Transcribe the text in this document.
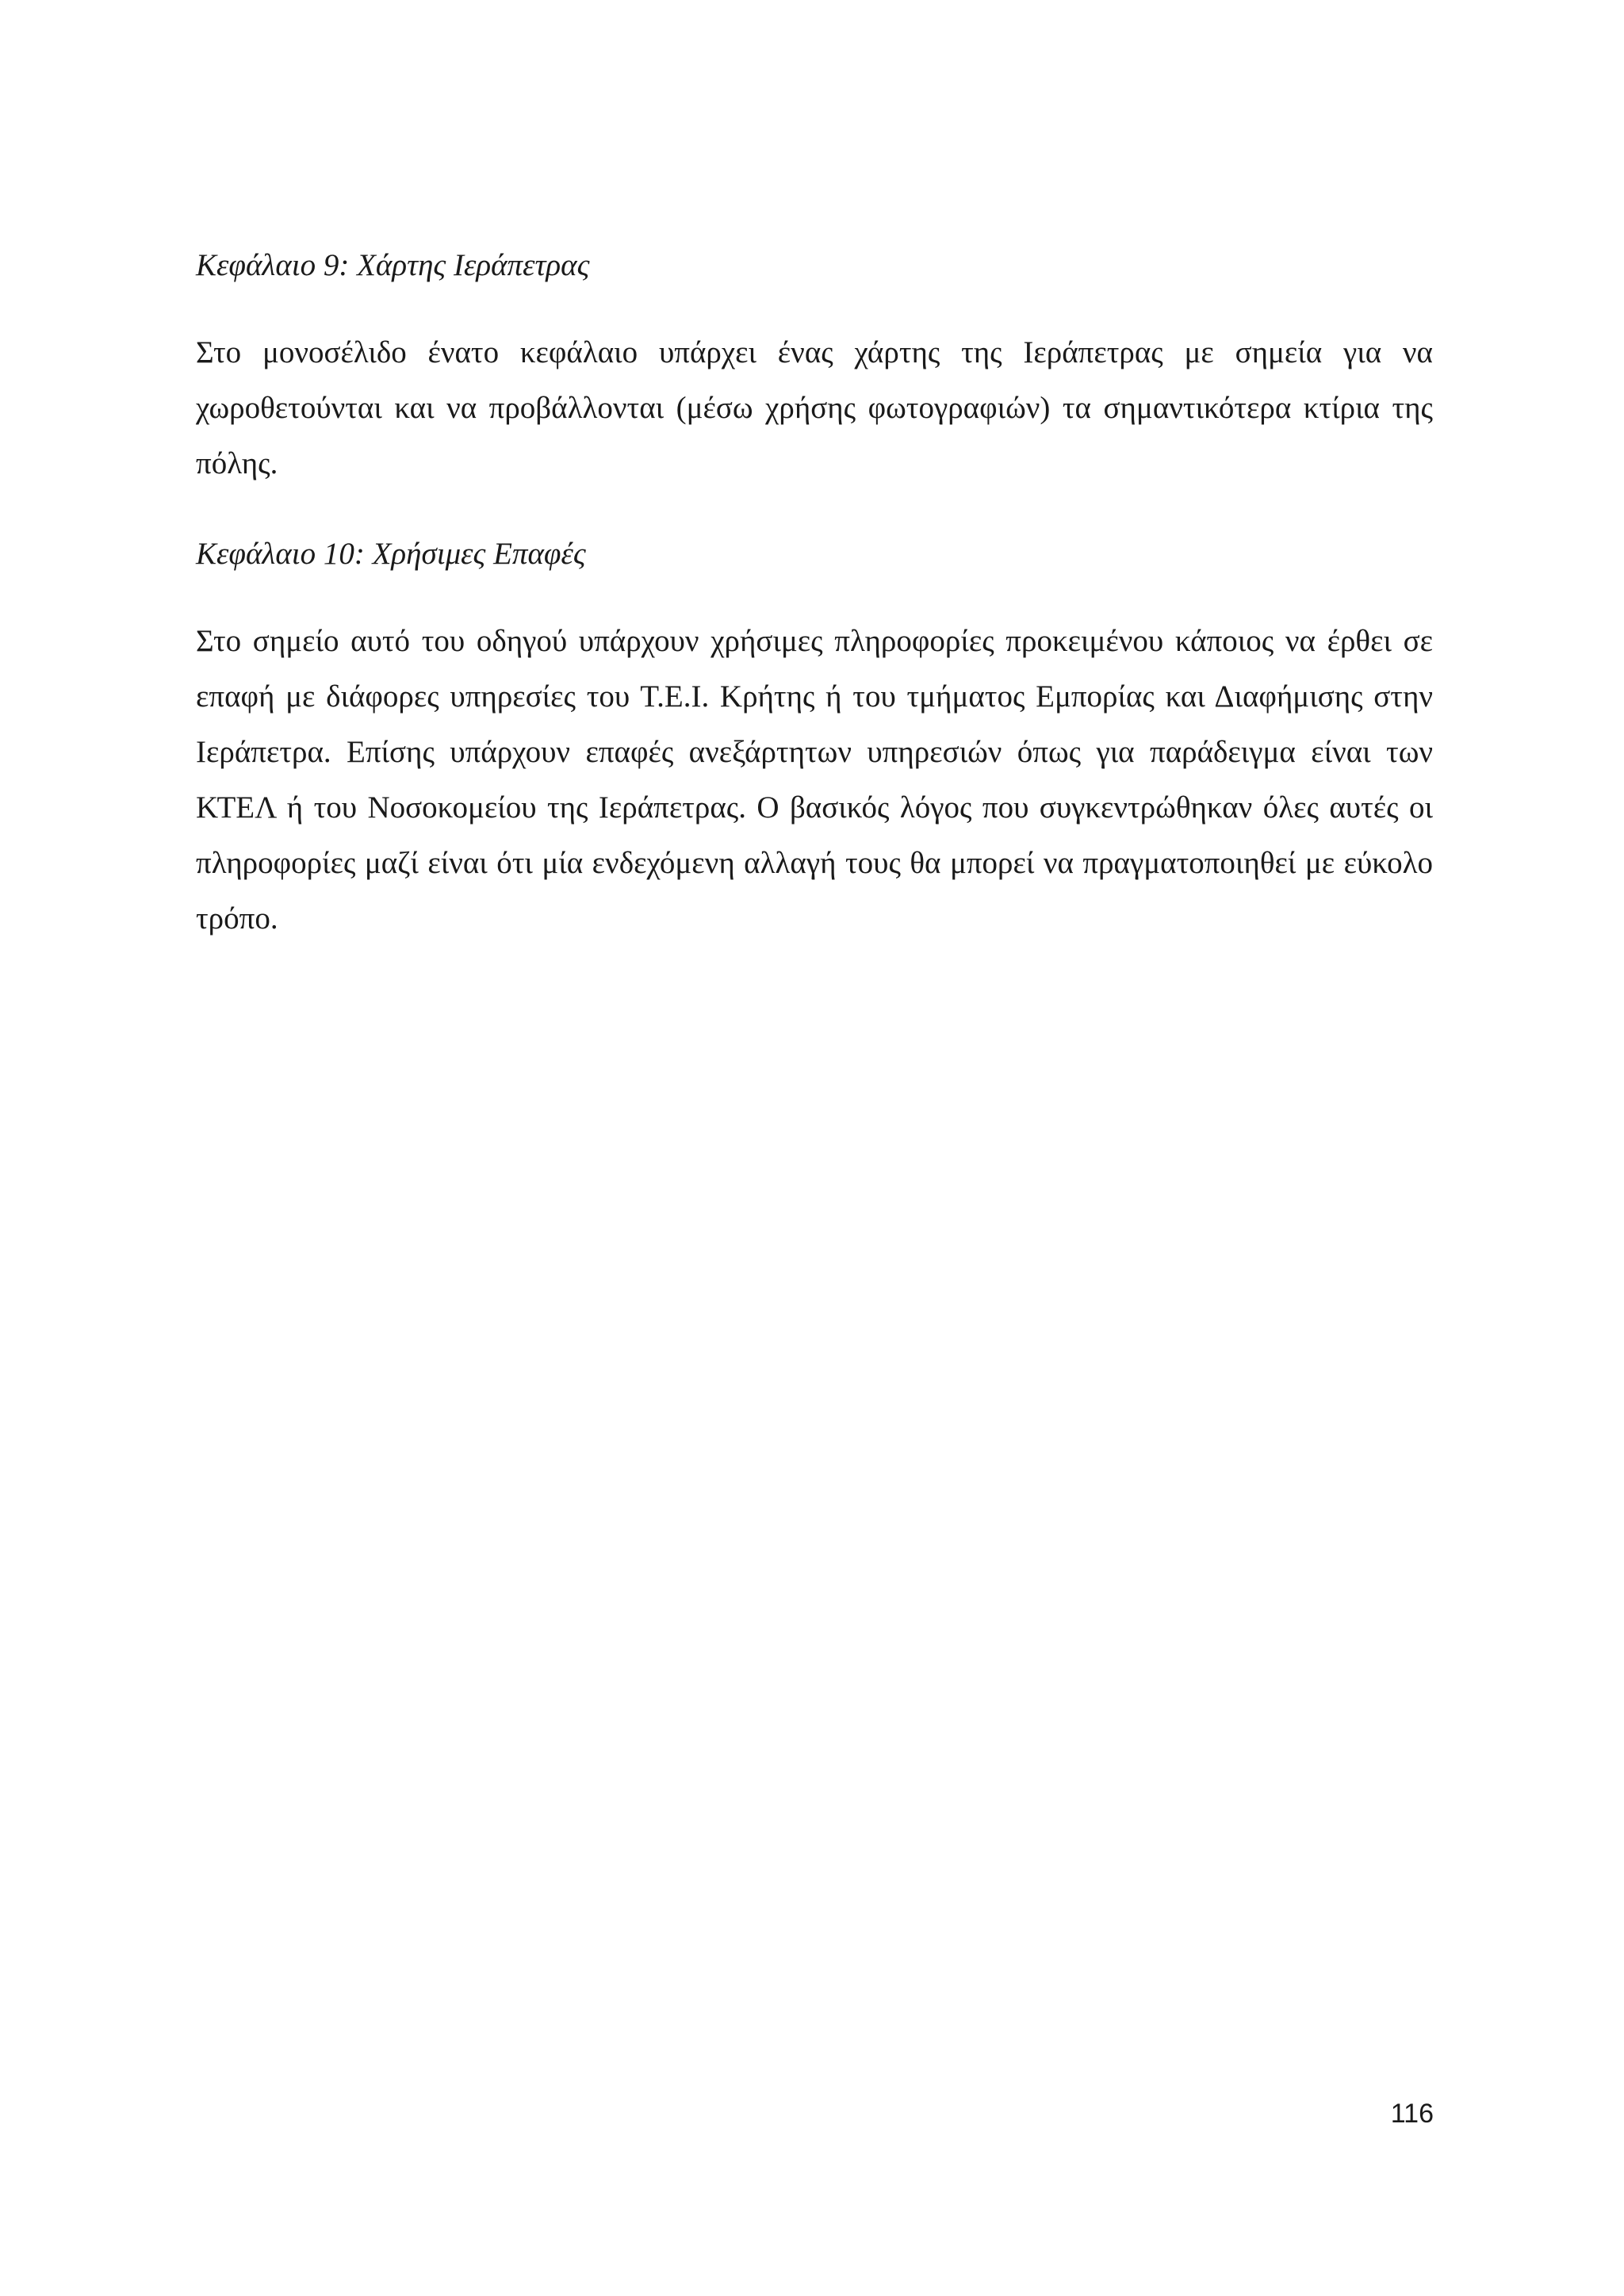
Κεφάλαιο 9: Χάρτης Ιεράπετρας

Στο μονοσέλιδο ένατο κεφάλαιο υπάρχει ένας χάρτης της Ιεράπετρας με σημεία για να χωροθετούνται και να προβάλλονται (μέσω χρήσης φωτογραφιών) τα σημαντικότερα κτίρια της πόλης.

Κεφάλαιο 10: Χρήσιμες Επαφές

Στο σημείο αυτό του οδηγού υπάρχουν χρήσιμες πληροφορίες προκειμένου κάποιος να έρθει σε επαφή με διάφορες υπηρεσίες του Τ.Ε.Ι. Κρήτης ή του τμήματος Εμπορίας και Διαφήμισης στην Ιεράπετρα. Επίσης υπάρχουν επαφές ανεξάρτητων υπηρεσιών όπως για παράδειγμα είναι των ΚΤΕΛ ή του Νοσοκομείου της Ιεράπετρας. Ο βασικός λόγος που συγκεντρώθηκαν όλες αυτές οι πληροφορίες μαζί είναι ότι μία ενδεχόμενη αλλαγή τους θα μπορεί να πραγματοποιηθεί με εύκολο τρόπο.

116
